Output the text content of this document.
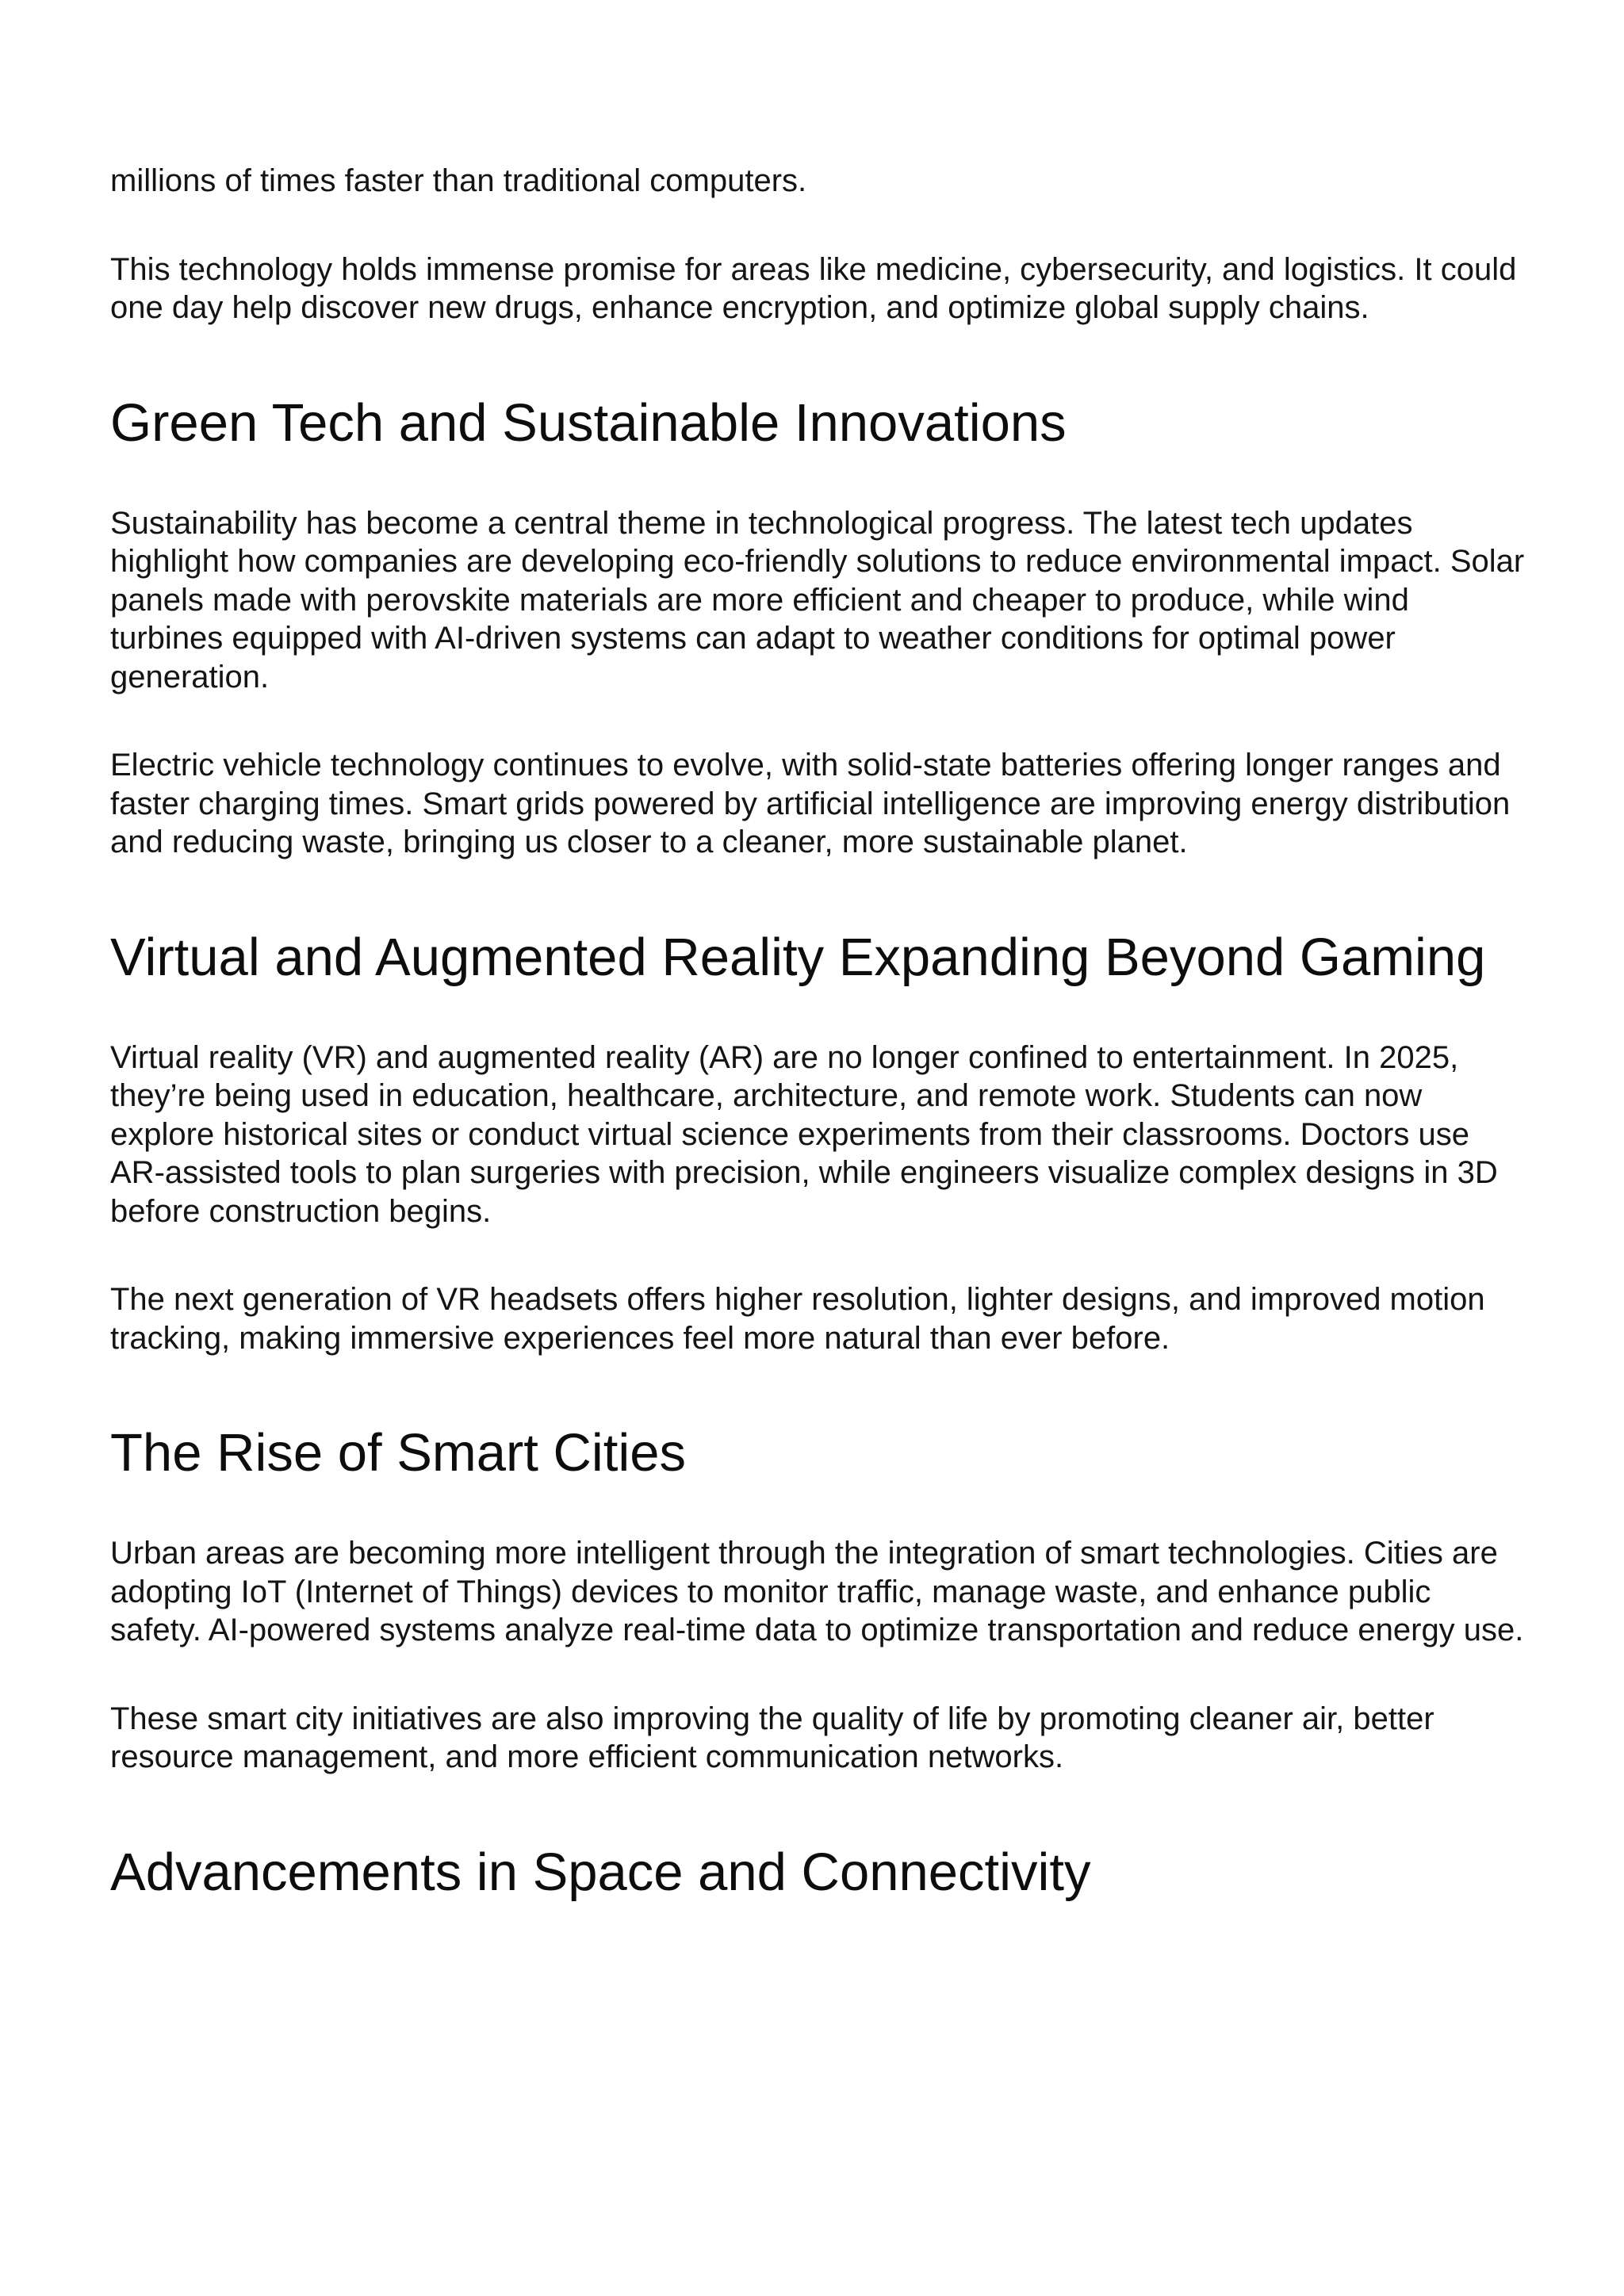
millions of times faster than traditional computers.

This technology holds immense promise for areas like medicine, cybersecurity, and logistics. It could one day help discover new drugs, enhance encryption, and optimize global supply chains.

Green Tech and Sustainable Innovations

Sustainability has become a central theme in technological progress. The latest tech updates highlight how companies are developing eco-friendly solutions to reduce environmental impact. Solar panels made with perovskite materials are more efficient and cheaper to produce, while wind turbines equipped with AI-driven systems can adapt to weather conditions for optimal power generation.

Electric vehicle technology continues to evolve, with solid-state batteries offering longer ranges and faster charging times. Smart grids powered by artificial intelligence are improving energy distribution and reducing waste, bringing us closer to a cleaner, more sustainable planet.

Virtual and Augmented Reality Expanding Beyond Gaming

Virtual reality (VR) and augmented reality (AR) are no longer confined to entertainment. In 2025, they’re being used in education, healthcare, architecture, and remote work. Students can now explore historical sites or conduct virtual science experiments from their classrooms. Doctors use AR-assisted tools to plan surgeries with precision, while engineers visualize complex designs in 3D before construction begins.

The next generation of VR headsets offers higher resolution, lighter designs, and improved motion tracking, making immersive experiences feel more natural than ever before.

The Rise of Smart Cities

Urban areas are becoming more intelligent through the integration of smart technologies. Cities are adopting IoT (Internet of Things) devices to monitor traffic, manage waste, and enhance public safety. AI-powered systems analyze real-time data to optimize transportation and reduce energy use.

These smart city initiatives are also improving the quality of life by promoting cleaner air, better resource management, and more efficient communication networks.

Advancements in Space and Connectivity
